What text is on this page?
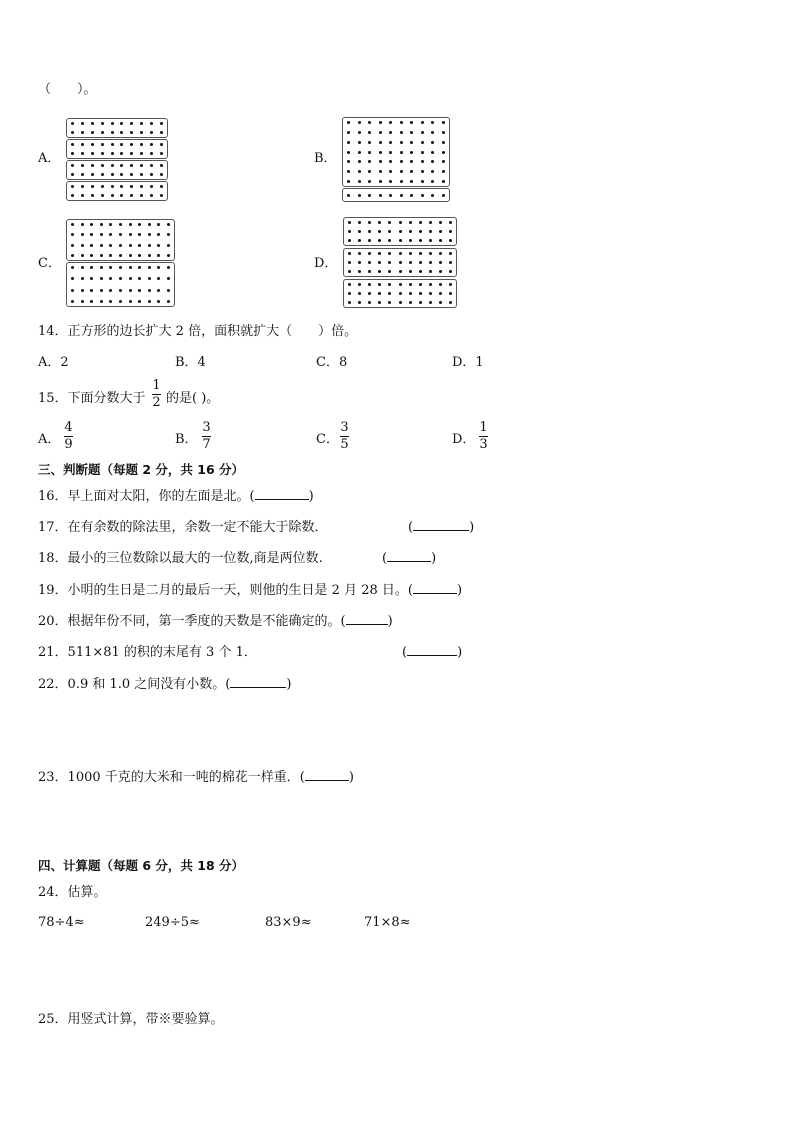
（　　）。
A．	B．
C．	D．
14．正方形的边长扩大 2 倍，面积就扩大（　　）倍。
A．2	B．4	C．8	D．1
15．下面分数大于
1
2 的是( )。
A．
4
9	B．
3
7	C．
3
5	D．
1
3
三、判断题（每题 2 分，共 16 分）
16．早上面对太阳，你的左面是北。(	)
17．在有余数的除法里，余数一定不能大于除数．	(	)
18．最小的三位数除以最大的一位数,商是两位数.	(	)
19．小明的生日是二月的最后一天，则他的生日是 2 月 28 日。(	)
20．根据年份不同，第一季度的天数是不能确定的。(	)
21．511×81 的积的末尾有 3 个 1．	(	)
22．0.9 和 1.0 之间没有小数。(	)
23．1000 千克的大米和一吨的棉花一样重．(	)
四、计算题（每题 6 分，共 18 分）
24．估算。
78÷4≈	249÷5≈	83×9≈	71×8≈
25．用竖式计算，带※要验算。
